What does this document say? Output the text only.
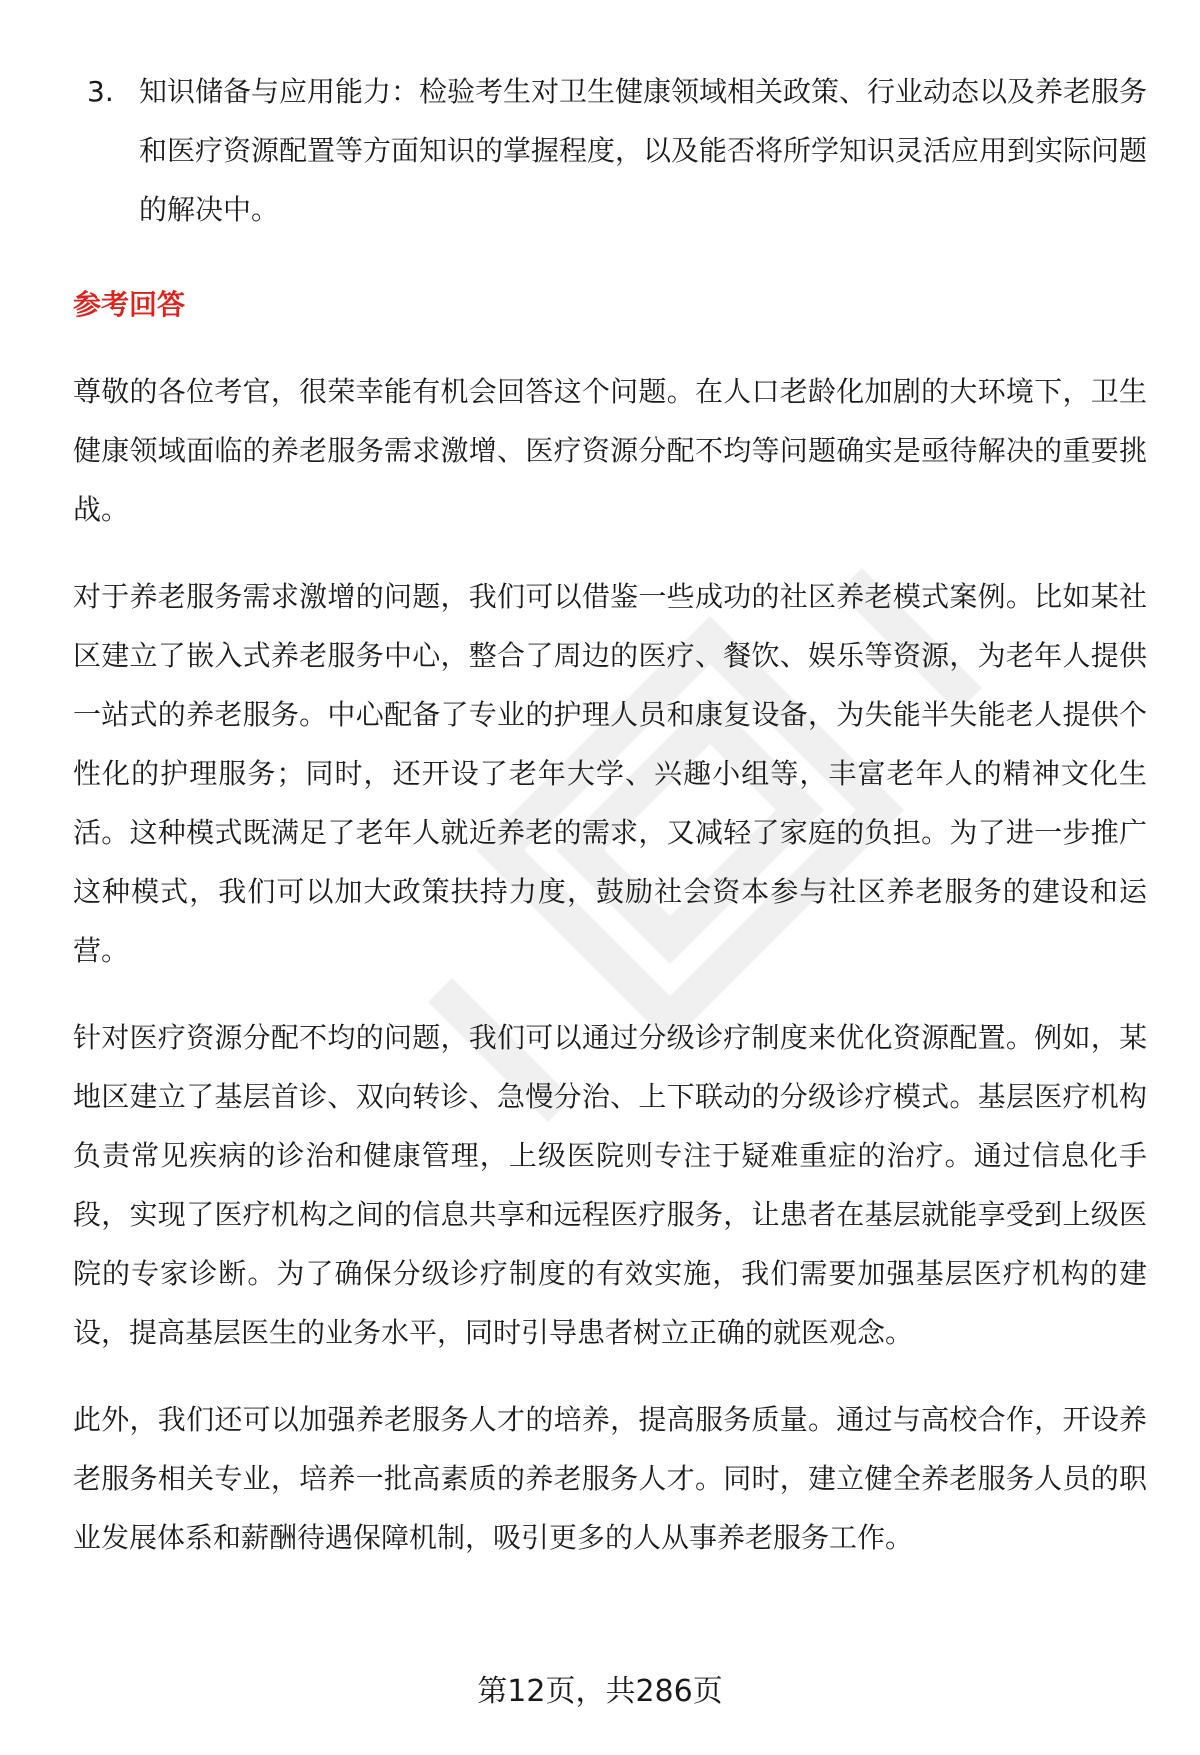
3. 知识储备与应用能力：检验考生对卫生健康领域相关政策、行业动态以及养老服务和医疗资源配置等方面知识的掌握程度，以及能否将所学知识灵活应用到实际问题的解决中。
参考回答

尊敬的各位考官，很荣幸能有机会回答这个问题。在人口老龄化加剧的大环境下，卫生健康领域面临的养老服务需求激增、医疗资源分配不均等问题确实是亟待解决的重要挑战。

对于养老服务需求激增的问题，我们可以借鉴一些成功的社区养老模式案例。比如某社区建立了嵌入式养老服务中心，整合了周边的医疗、餐饮、娱乐等资源，为老年人提供一站式的养老服务。中心配备了专业的护理人员和康复设备，为失能半失能老人提供个性化的护理服务；同时，还开设了老年大学、兴趣小组等，丰富老年人的精神文化生活。这种模式既满足了老年人就近养老的需求，又减轻了家庭的负担。为了进一步推广这种模式，我们可以加大政策扶持力度，鼓励社会资本参与社区养老服务的建设和运营。

针对医疗资源分配不均的问题，我们可以通过分级诊疗制度来优化资源配置。例如，某地区建立了基层首诊、双向转诊、急慢分治、上下联动的分级诊疗模式。基层医疗机构负责常见疾病的诊治和健康管理，上级医院则专注于疑难重症的治疗。通过信息化手段，实现了医疗机构之间的信息共享和远程医疗服务，让患者在基层就能享受到上级医院的专家诊断。为了确保分级诊疗制度的有效实施，我们需要加强基层医疗机构的建设，提高基层医生的业务水平，同时引导患者树立正确的就医观念。

此外，我们还可以加强养老服务人才的培养，提高服务质量。通过与高校合作，开设养老服务相关专业，培养一批高素质的养老服务人才。同时，建立健全养老服务人员的职业发展体系和薪酬待遇保障机制，吸引更多的人从事养老服务工作。

第12页，共286页
